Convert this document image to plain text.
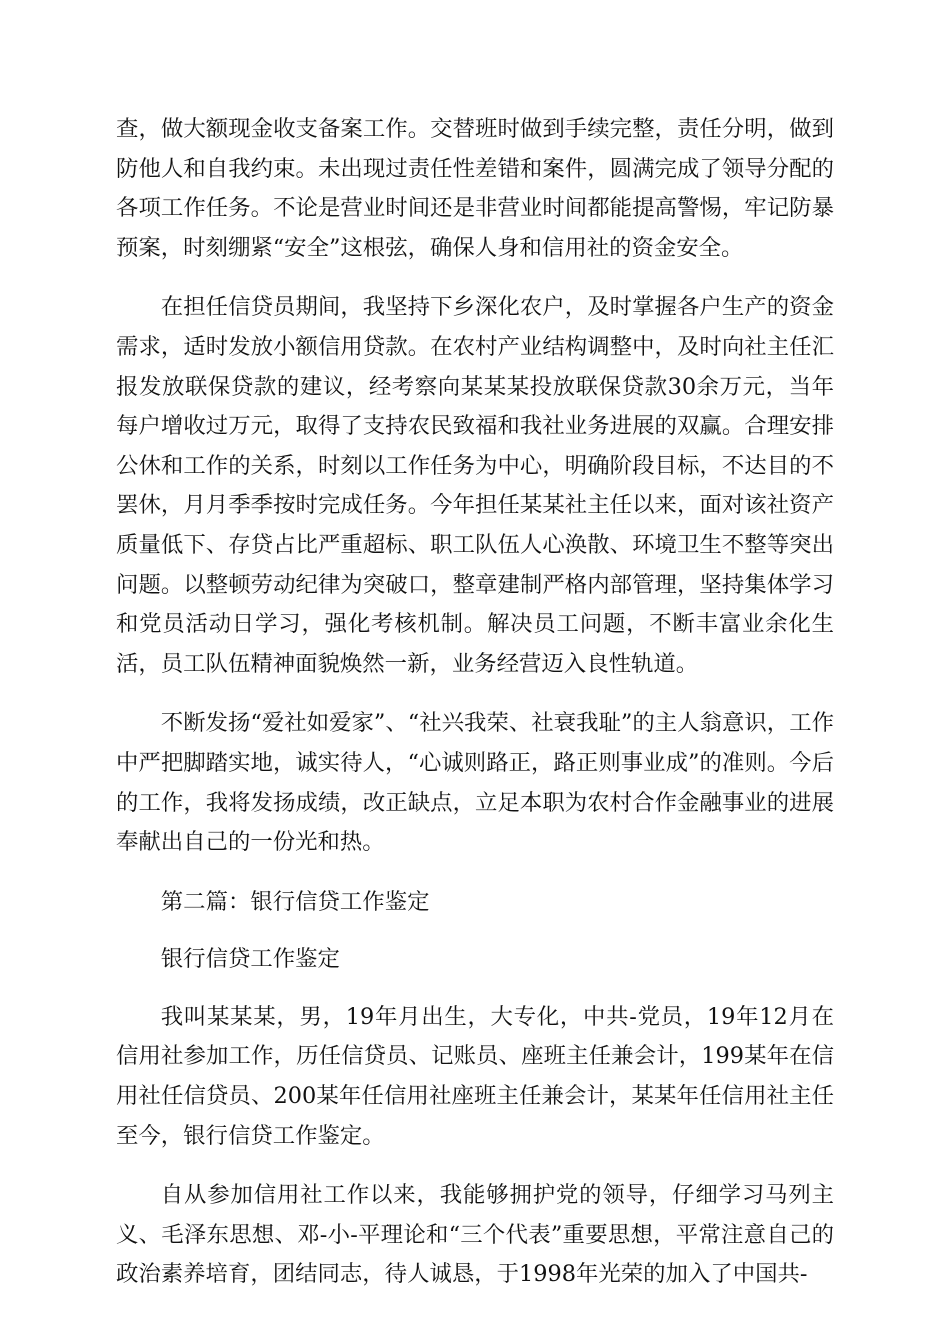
查，做大额现金收支备案工作。交替班时做到手续完整，责任分明，做到防他人和自我约束。未出现过责任性差错和案件，圆满完成了领导分配的各项工作任务。不论是营业时间还是非营业时间都能提高警惕，牢记防暴预案，时刻绷紧“安全”这根弦，确保人身和信用社的资金安全。

在担任信贷员期间，我坚持下乡深化农户，及时掌握各户生产的资金需求，适时发放小额信用贷款。在农村产业结构调整中，及时向社主任汇报发放联保贷款的建议，经考察向某某某投放联保贷款30余万元，当年每户增收过万元，取得了支持农民致福和我社业务进展的双赢。合理安排公休和工作的关系，时刻以工作任务为中心，明确阶段目标，不达目的不罢休，月月季季按时完成任务。今年担任某某社主任以来，面对该社资产质量低下、存贷占比严重超标、职工队伍人心涣散、环境卫生不整等突出问题。以整顿劳动纪律为突破口，整章建制严格内部管理，坚持集体学习和党员活动日学习，强化考核机制。解决员工问题，不断丰富业余化生活，员工队伍精神面貌焕然一新，业务经营迈入良性轨道。

不断发扬“爱社如爱家”、“社兴我荣、社衰我耻”的主人翁意识，工作中严把脚踏实地，诚实待人，“心诚则路正，路正则事业成”的准则。今后的工作，我将发扬成绩，改正缺点，立足本职为农村合作金融事业的进展奉献出自己的一份光和热。

第二篇：银行信贷工作鉴定

银行信贷工作鉴定

我叫某某某，男，19年月出生，大专化，中共-党员，19年12月在信用社参加工作，历任信贷员、记账员、座班主任兼会计，199某年在信用社任信贷员、200某年任信用社座班主任兼会计，某某年任信用社主任至今，银行信贷工作鉴定。

自从参加信用社工作以来，我能够拥护党的领导，仔细学习马列主义、毛泽东思想、邓-小-平理论和“三个代表”重要思想，平常注意自己的政治素养培育，团结同志，待人诚恳，于1998年光荣的加入了中国共-
